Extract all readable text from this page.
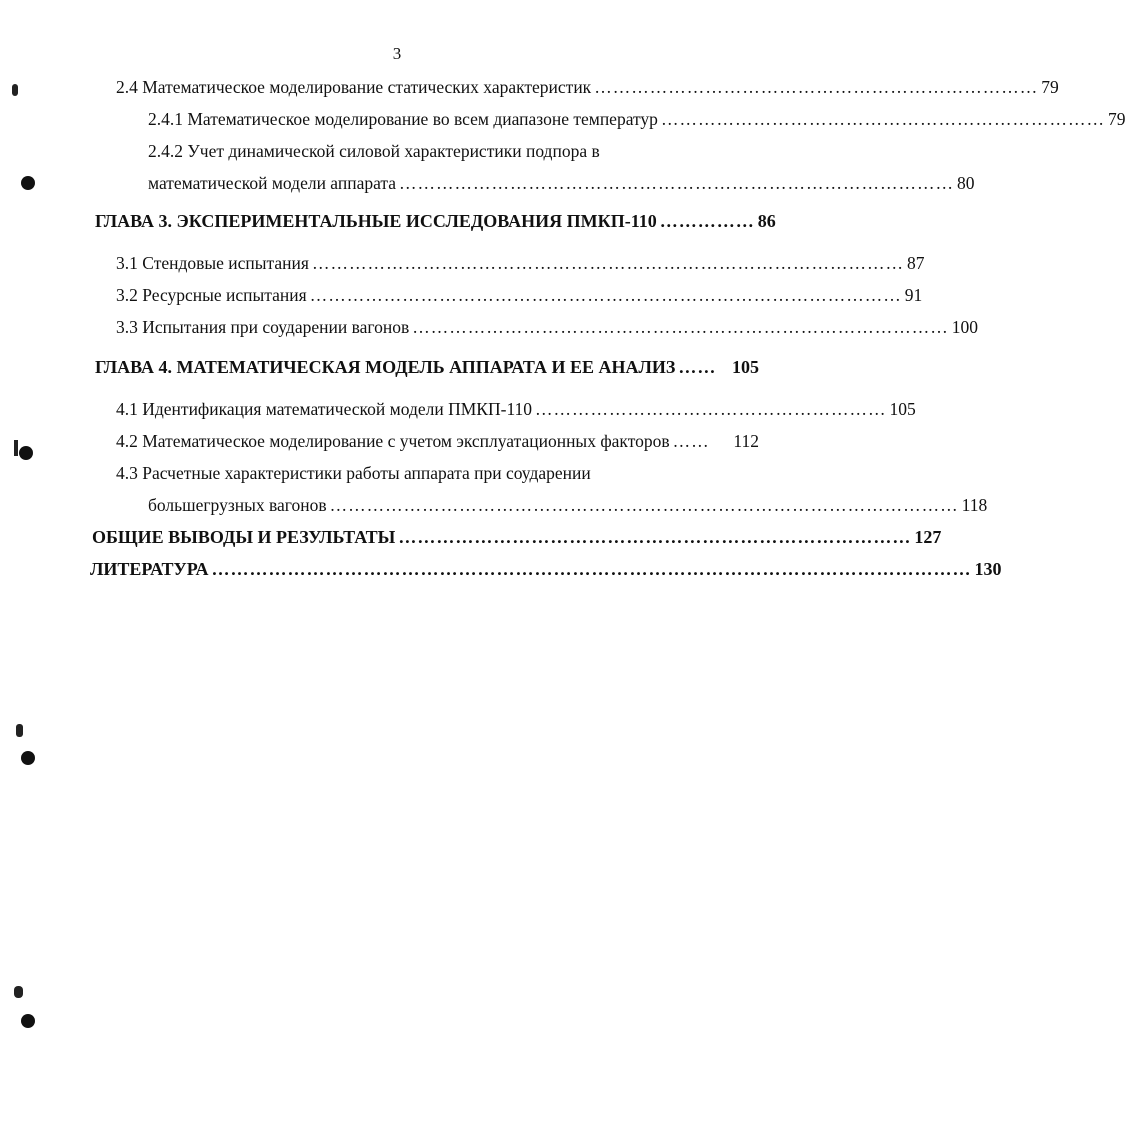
3
2.4 Математическое моделирование статических характеристик ……………………………………………………………… 79
2.4.1 Математическое моделирование во всем диапазоне температур ……………………………………………………………… 79
2.4.2 Учет динамической силовой характеристики подпора в
математической модели аппарата ……………………………………………………………………………… 80
ГЛАВА 3. ЭКСПЕРИМЕНТАЛЬНЫЕ ИССЛЕДОВАНИЯ ПМКП-110 …………… 86
3.1 Стендовые испытания …………………………………………………………………………………… 87
3.2 Ресурсные испытания …………………………………………………………………………………… 91
3.3 Испытания при соударении вагонов …………………………………………………………………………… 100
ГЛАВА 4. МАТЕМАТИЧЕСКАЯ МОДЕЛЬ АППАРАТА И ЕЕ АНАЛИЗ …… 105
4.1 Идентификация математической модели ПМКП-110 ………………………………………………… 105
4.2 Математическое моделирование с учетом эксплуатационных факторов ……	112
4.3 Расчетные характеристики работы аппарата при соударении
большегрузных вагонов ………………………………………………………………………………………… 118
ОБЩИЕ ВЫВОДЫ И РЕЗУЛЬТАТЫ ……………………………………………………………………… 127
ЛИТЕРАТУРА ………………………………………………………………………………………………………… 130
